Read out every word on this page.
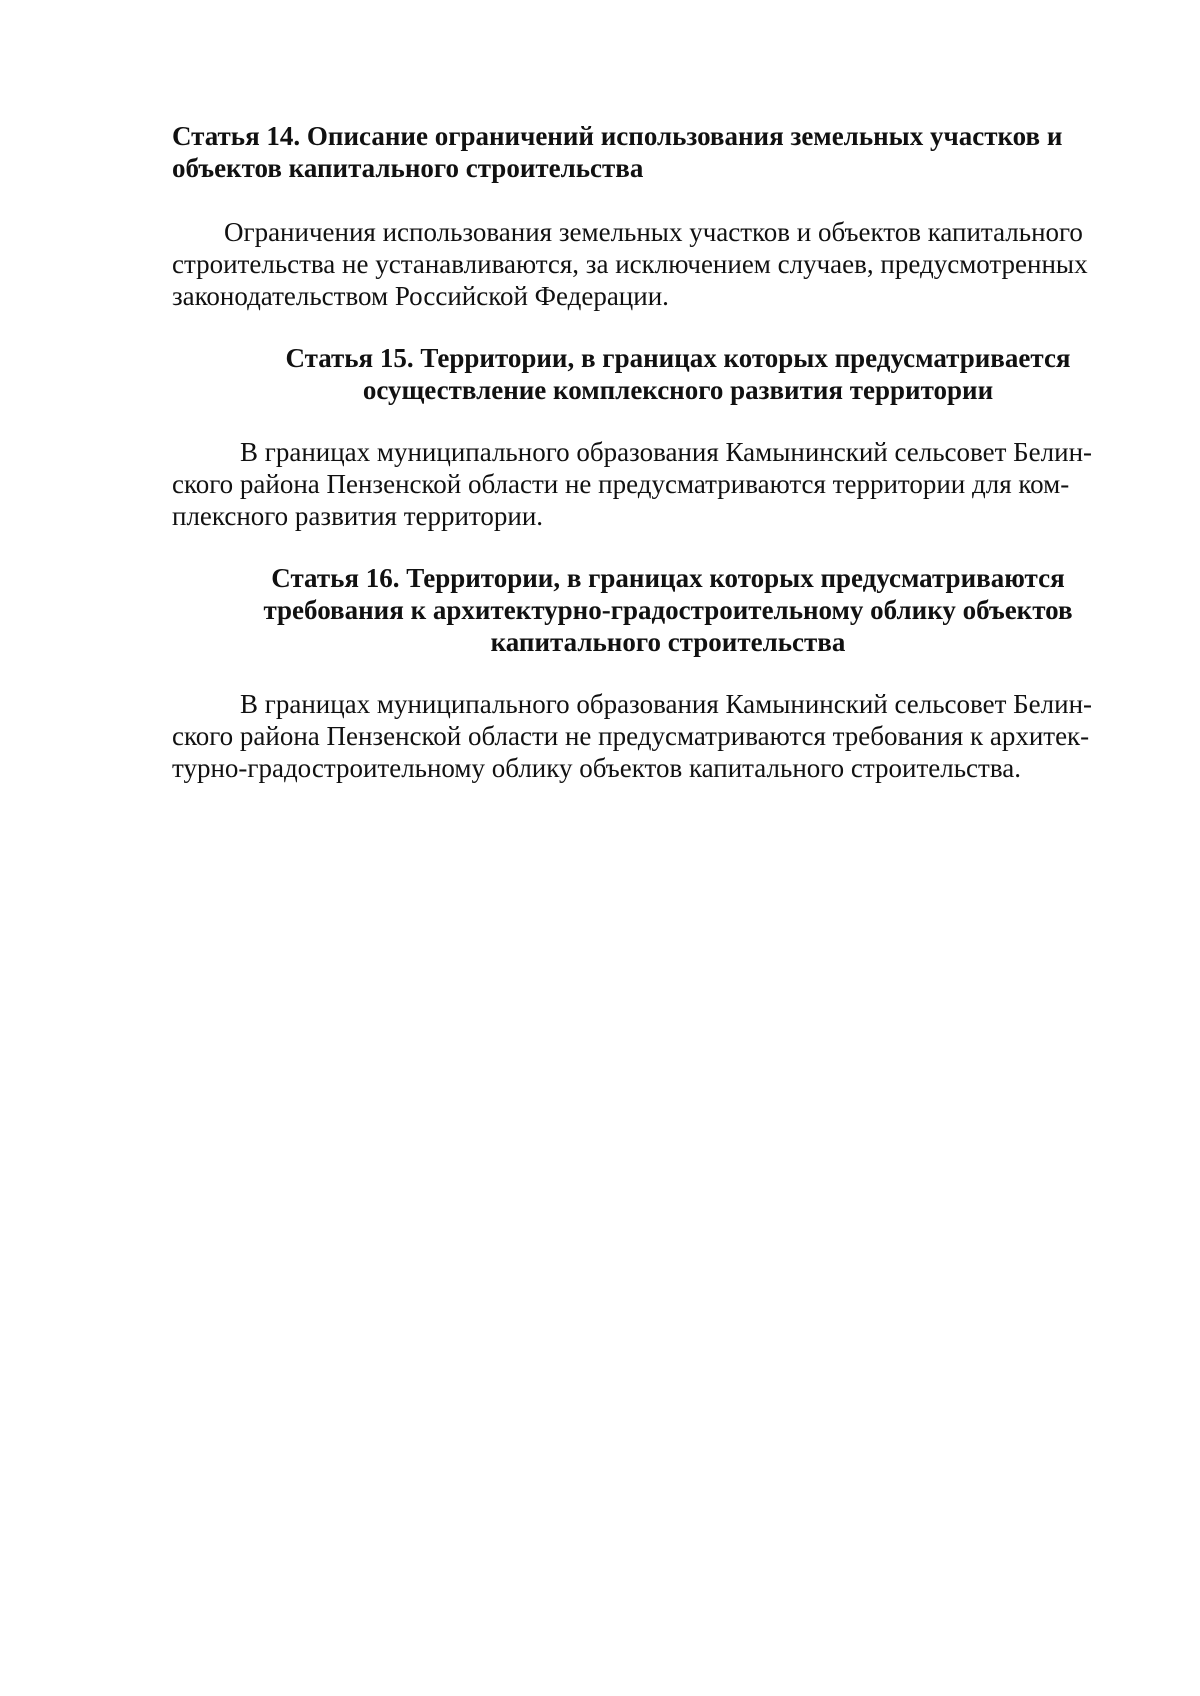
Статья 14. Описание ограничений использования земельных участков и
объектов капитального строительства
Ограничения использования земельных участков и объектов капитального
строительства не устанавливаются, за исключением случаев, предусмотренных
законодательством Российской Федерации.
Статья 15. Территории, в границах которых предусматривается
осуществление комплексного развития территории
В границах муниципального образования Камынинский сельсовет Белин-
ского района Пензенской области не предусматриваются территории для ком-
плексного развития территории.
Статья 16. Территории, в границах которых предусматриваются
требования к архитектурно-градостроительному облику объектов
капитального строительства
В границах муниципального образования Камынинский сельсовет Белин-
ского района Пензенской области не предусматриваются требования к архитек-
турно-градостроительному облику объектов капитального строительства.
